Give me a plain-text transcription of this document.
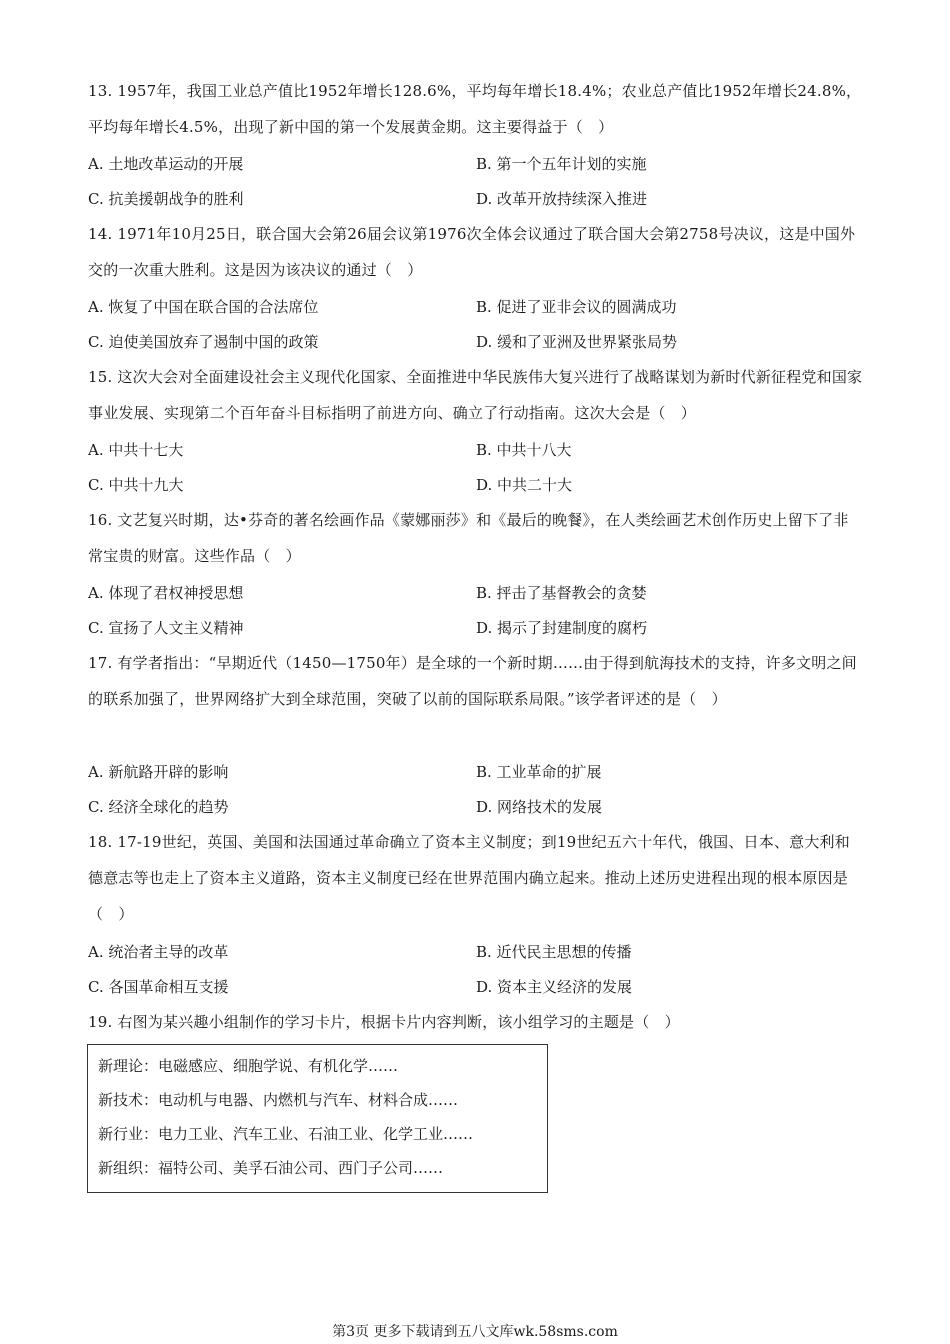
13. 1957年，我国工业总产值比1952年增长128.6%，平均每年增长18.4%；农业总产值比1952年增长24.8%，平均每年增长4.5%，出现了新中国的第一个发展黄金期。这主要得益于（　）
A. 土地改革运动的开展	B. 第一个五年计划的实施
C. 抗美援朝战争的胜利	D. 改革开放持续深入推进
14. 1971年10月25日，联合国大会第26届会议第1976次全体会议通过了联合国大会第2758号决议，这是中国外交的一次重大胜利。这是因为该决议的通过（　）
A. 恢复了中国在联合国的合法席位	B. 促进了亚非会议的圆满成功
C. 迫使美国放弃了遏制中国的政策	D. 缓和了亚洲及世界紧张局势
15. 这次大会对全面建设社会主义现代化国家、全面推进中华民族伟大复兴进行了战略谋划为新时代新征程党和国家事业发展、实现第二个百年奋斗目标指明了前进方向、确立了行动指南。这次大会是（　）
A. 中共十七大	B. 中共十八大
C. 中共十九大	D. 中共二十大
16. 文艺复兴时期，达•芬奇的著名绘画作品《蒙娜丽莎》和《最后的晚餐》，在人类绘画艺术创作历史上留下了非常宝贵的财富。这些作品（　）
A. 体现了君权神授思想	B. 抨击了基督教会的贪婪
C. 宣扬了人文主义精神	D. 揭示了封建制度的腐朽
17. 有学者指出：“早期近代（1450—1750年）是全球的一个新时期……由于得到航海技术的支持，许多文明之间的联系加强了，世界网络扩大到全球范围，突破了以前的国际联系局限。”该学者评述的是（　）
A. 新航路开辟的影响	B. 工业革命的扩展
C. 经济全球化的趋势	D. 网络技术的发展
18. 17-19世纪，英国、美国和法国通过革命确立了资本主义制度；到19世纪五六十年代，俄国、日本、意大利和德意志等也走上了资本主义道路，资本主义制度已经在世界范围内确立起来。推动上述历史进程出现的根本原因是（　）
A. 统治者主导的改革	B. 近代民主思想的传播
C. 各国革命相互支援	D. 资本主义经济的发展
19. 右图为某兴趣小组制作的学习卡片，根据卡片内容判断，该小组学习的主题是（　）
新理论：电磁感应、细胞学说、有机化学……
新技术：电动机与电器、内燃机与汽车、材料合成……
新行业：电力工业、汽车工业、石油工业、化学工业……
新组织：福特公司、美孚石油公司、西门子公司……
第3页 更多下载请到五八文库wk.58sms.com
